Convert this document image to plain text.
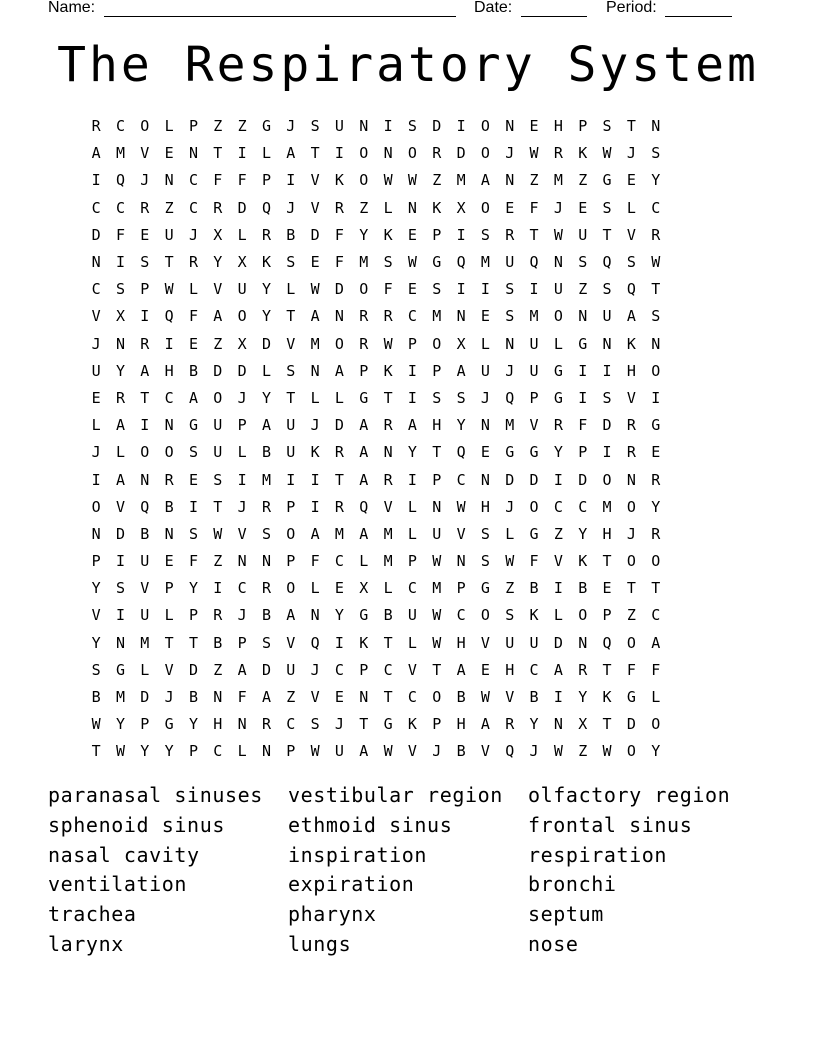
Name:	Date:	Period:
The Respiratory System
R	C	O	L	P	Z	Z	G	J	S	U	N	I	S	D	I	O	N	E	H	P	S	T	N
A	M	V	E	N	T	I	L	A	T	I	O	N	O	R	D	O	J	W	R	K	W	J	S
I	Q	J	N	C	F	F	P	I	V	K	O	W	W	Z	M	A	N	Z	M	Z	G	E	Y
C	C	R	Z	C	R	D	Q	J	V	R	Z	L	N	K	X	O	E	F	J	E	S	L	C
D	F	E	U	J	X	L	R	B	D	F	Y	K	E	P	I	S	R	T	W	U	T	V	R
N	I	S	T	R	Y	X	K	S	E	F	M	S	W	G	Q	M	U	Q	N	S	Q	S	W
C	S	P	W	L	V	U	Y	L	W	D	O	F	E	S	I	I	S	I	U	Z	S	Q	T
V	X	I	Q	F	A	O	Y	T	A	N	R	R	C	M	N	E	S	M	O	N	U	A	S
J	N	R	I	E	Z	X	D	V	M	O	R	W	P	O	X	L	N	U	L	G	N	K	N
U	Y	A	H	B	D	D	L	S	N	A	P	K	I	P	A	U	J	U	G	I	I	H	O
E	R	T	C	A	O	J	Y	T	L	L	G	T	I	S	S	J	Q	P	G	I	S	V	I
L	A	I	N	G	U	P	A	U	J	D	A	R	A	H	Y	N	M	V	R	F	D	R	G
J	L	O	O	S	U	L	B	U	K	R	A	N	Y	T	Q	E	G	G	Y	P	I	R	E
I	A	N	R	E	S	I	M	I	I	T	A	R	I	P	C	N	D	D	I	D	O	N	R
O	V	Q	B	I	T	J	R	P	I	R	Q	V	L	N	W	H	J	O	C	C	M	O	Y
N	D	B	N	S	W	V	S	O	A	M	A	M	L	U	V	S	L	G	Z	Y	H	J	R
P	I	U	E	F	Z	N	N	P	F	C	L	M	P	W	N	S	W	F	V	K	T	O	O
Y	S	V	P	Y	I	C	R	O	L	E	X	L	C	M	P	G	Z	B	I	B	E	T	T
V	I	U	L	P	R	J	B	A	N	Y	G	B	U	W	C	O	S	K	L	O	P	Z	C
Y	N	M	T	T	B	P	S	V	Q	I	K	T	L	W	H	V	U	U	D	N	Q	O	A
S	G	L	V	D	Z	A	D	U	J	C	P	C	V	T	A	E	H	C	A	R	T	F	F
B	M	D	J	B	N	F	A	Z	V	E	N	T	C	O	B	W	V	B	I	Y	K	G	L
W	Y	P	G	Y	H	N	R	C	S	J	T	G	K	P	H	A	R	Y	N	X	T	D	O
T	W	Y	Y	P	C	L	N	P	W	U	A	W	V	J	B	V	Q	J	W	Z	W	O	Y
paranasal sinuses	vestibular region	olfactory region
sphenoid sinus	ethmoid sinus	frontal sinus
nasal cavity	inspiration	respiration
ventilation	expiration	bronchi
trachea	pharynx	septum
larynx	lungs	nose
